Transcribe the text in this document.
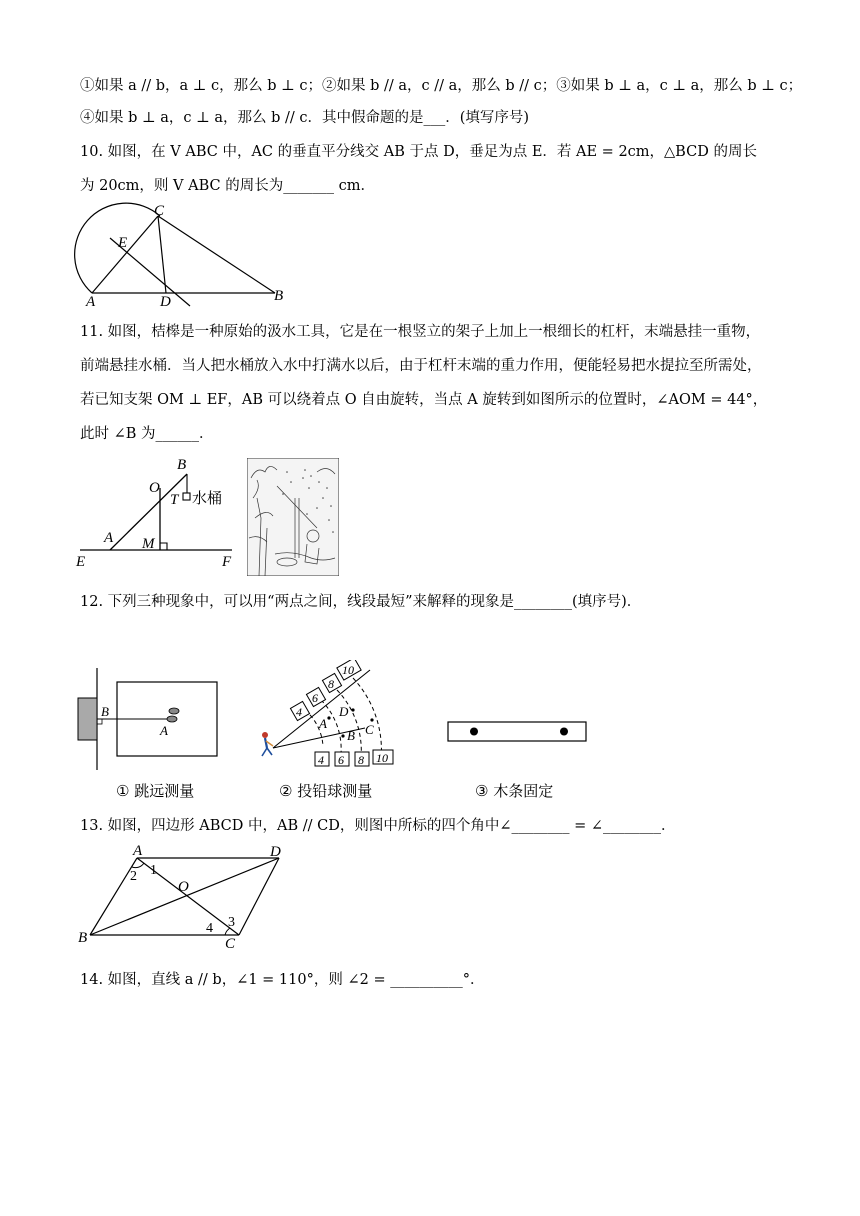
①如果 a // b，a ⊥ c，那么 b ⊥ c；②如果 b // a，c // a，那么 b // c；③如果 b ⊥ a，c ⊥ a，那么 b ⊥ c；
④如果 b ⊥ a，c ⊥ a，那么 b // c．其中假命题的是___．(填写序号)
10. 如图，在 V ABC 中，AC 的垂直平分线交 AB 于点 D，垂足为点 E．若 AE = 2cm，△BCD 的周长
为 20cm，则 V ABC 的周长为_______ cm．
C
E
A	D	B
11. 如图，桔槔是一种原始的汲水工具，它是在一根竖立的架子上加上一根细长的杠杆，末端悬挂一重物，
前端悬挂水桶．当人把水桶放入水中打满水以后，由于杠杆末端的重力作用，便能轻易把水提拉至所需处，
若已知支架 OM ⊥ EF，AB 可以绕着点 O 自由旋转，当点 A 旋转到如图所示的位置时，∠AOM = 44°，
此时 ∠B 为______．
B
O
T 水桶
A M
E	F
12. 下列三种现象中，可以用“两点之间，线段最短”来解释的现象是________(填序号)．
B
A
4
6
8
10
4 6 8 10
A
D
B C
① 跳远测量	② 投铅球测量	③ 木条固定
13. 如图，四边形 ABCD 中，AB // CD，则图中所标的四个角中∠________ = ∠________．
A	D
B	C
O
1
2
3
4
14. 如图，直线 a // b，∠1 = 110°，则 ∠2 = __________°．
